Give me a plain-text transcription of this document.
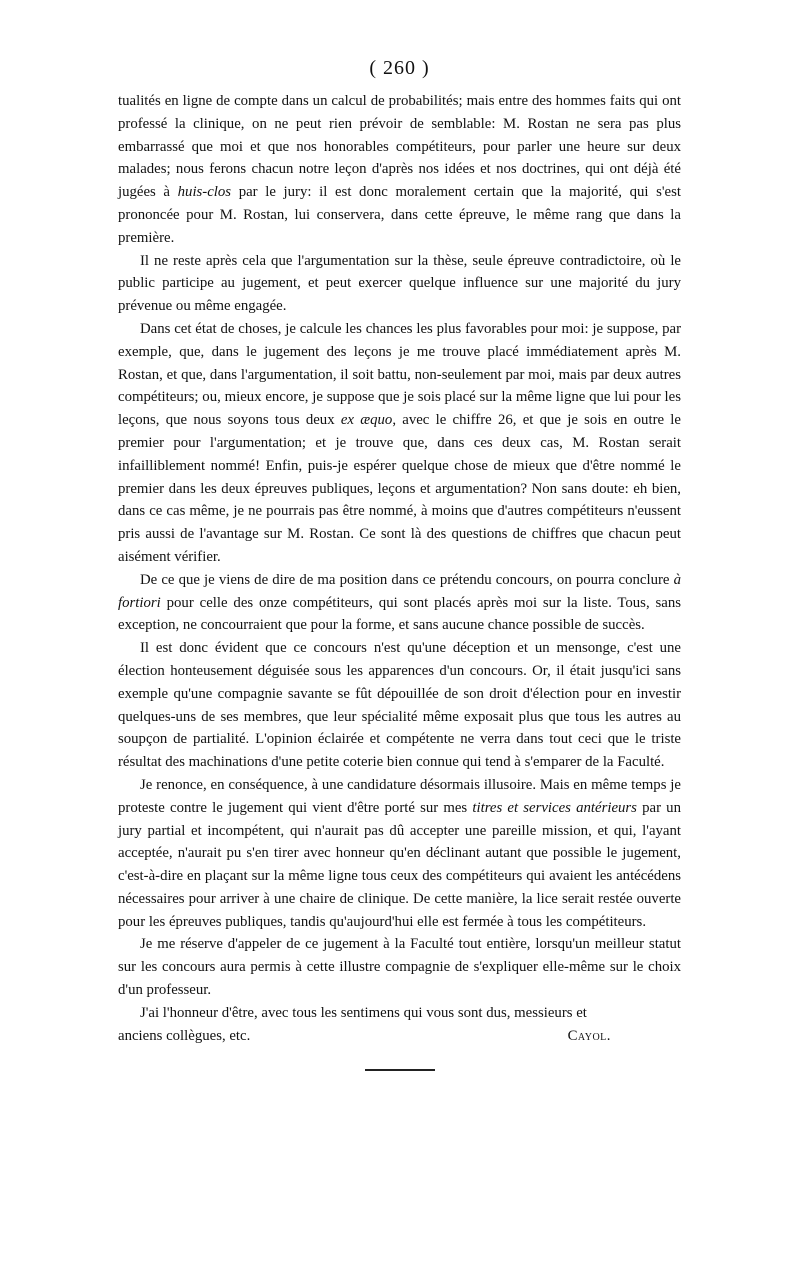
( 260 )

tualités en ligne de compte dans un calcul de probabilités; mais entre des hommes faits qui ont professé la clinique, on ne peut rien prévoir de semblable: M. Rostan ne sera pas plus embarrassé que moi et que nos honorables compétiteurs, pour parler une heure sur deux malades; nous ferons chacun notre leçon d'après nos idées et nos doctrines, qui ont déjà été jugées à huis-clos par le jury: il est donc moralement certain que la majorité, qui s'est prononcée pour M. Rostan, lui conservera, dans cette épreuve, le même rang que dans la première.

Il ne reste après cela que l'argumentation sur la thèse, seule épreuve contradictoire, où le public participe au jugement, et peut exercer quelque influence sur une majorité du jury prévenue ou même engagée.

Dans cet état de choses, je calcule les chances les plus favorables pour moi: je suppose, par exemple, que, dans le jugement des leçons je me trouve placé immédiatement après M. Rostan, et que, dans l'argumentation, il soit battu, non-seulement par moi, mais par deux autres compétiteurs; ou, mieux encore, je suppose que je sois placé sur la même ligne que lui pour les leçons, que nous soyons tous deux ex æquo, avec le chiffre 26, et que je sois en outre le premier pour l'argumentation; et je trouve que, dans ces deux cas, M. Rostan serait infailliblement nommé! Enfin, puis-je espérer quelque chose de mieux que d'être nommé le premier dans les deux épreuves publiques, leçons et argumentation? Non sans doute: eh bien, dans ce cas même, je ne pourrais pas être nommé, à moins que d'autres compétiteurs n'eussent pris aussi de l'avantage sur M. Rostan. Ce sont là des questions de chiffres que chacun peut aisément vérifier.

De ce que je viens de dire de ma position dans ce prétendu concours, on pourra conclure à fortiori pour celle des onze compétiteurs, qui sont placés après moi sur la liste. Tous, sans exception, ne concourraient que pour la forme, et sans aucune chance possible de succès.

Il est donc évident que ce concours n'est qu'une déception et un mensonge, c'est une élection honteusement déguisée sous les apparences d'un concours. Or, il était jusqu'ici sans exemple qu'une compagnie savante se fût dépouillée de son droit d'élection pour en investir quelques-uns de ses membres, que leur spécialité même exposait plus que tous les autres au soupçon de partialité. L'opinion éclairée et compétente ne verra dans tout ceci que le triste résultat des machinations d'une petite coterie bien connue qui tend à s'emparer de la Faculté.

Je renonce, en conséquence, à une candidature désormais illusoire. Mais en même temps je proteste contre le jugement qui vient d'être porté sur mes titres et services antérieurs par un jury partial et incompétent, qui n'aurait pas dû accepter une pareille mission, et qui, l'ayant acceptée, n'aurait pu s'en tirer avec honneur qu'en déclinant autant que possible le jugement, c'est-à-dire en plaçant sur la même ligne tous ceux des compétiteurs qui avaient les antécédens nécessaires pour arriver à une chaire de clinique. De cette manière, la lice serait restée ouverte pour les épreuves publiques, tandis qu'aujourd'hui elle est fermée à tous les compétiteurs.

Je me réserve d'appeler de ce jugement à la Faculté tout entière, lorsqu'un meilleur statut sur les concours aura permis à cette illustre compagnie de s'expliquer elle-même sur le choix d'un professeur.

J'ai l'honneur d'être, avec tous les sentimens qui vous sont dus, messieurs et

anciens collègues, etc.	Cayol.
